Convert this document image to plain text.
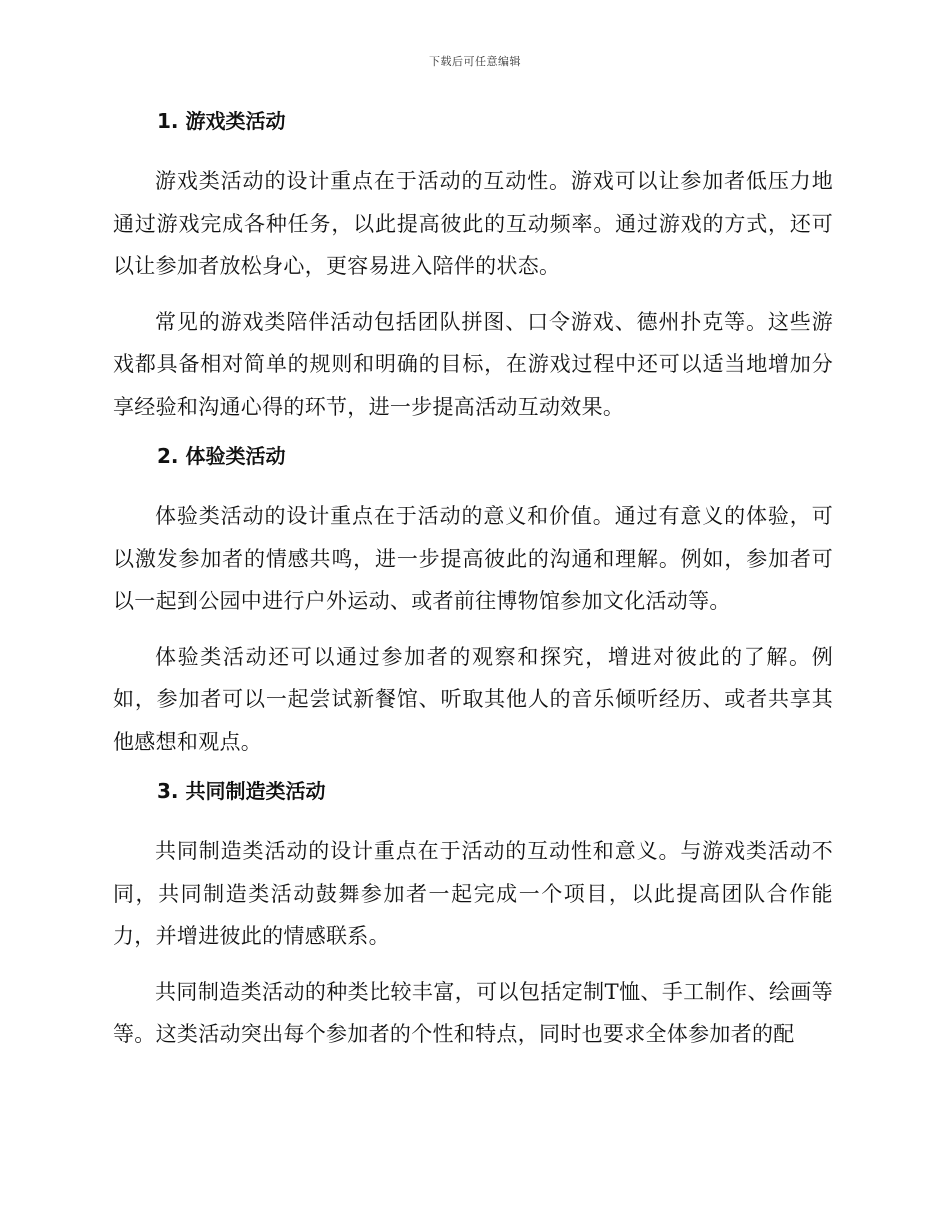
下载后可任意编辑
1. 游戏类活动

游戏类活动的设计重点在于活动的互动性。游戏可以让参加者低压力地通过游戏完成各种任务，以此提高彼此的互动频率。通过游戏的方式，还可以让参加者放松身心，更容易进入陪伴的状态。

常见的游戏类陪伴活动包括团队拼图、口令游戏、德州扑克等。这些游戏都具备相对简单的规则和明确的目标，在游戏过程中还可以适当地增加分享经验和沟通心得的环节，进一步提高活动互动效果。

2. 体验类活动

体验类活动的设计重点在于活动的意义和价值。通过有意义的体验，可以激发参加者的情感共鸣，进一步提高彼此的沟通和理解。例如，参加者可以一起到公园中进行户外运动、或者前往博物馆参加文化活动等。

体验类活动还可以通过参加者的观察和探究，增进对彼此的了解。例如，参加者可以一起尝试新餐馆、听取其他人的音乐倾听经历、或者共享其他感想和观点。

3. 共同制造类活动

共同制造类活动的设计重点在于活动的互动性和意义。与游戏类活动不同，共同制造类活动鼓舞参加者一起完成一个项目，以此提高团队合作能力，并增进彼此的情感联系。

共同制造类活动的种类比较丰富，可以包括定制T恤、手工制作、绘画等等。这类活动突出每个参加者的个性和特点，同时也要求全体参加者的配
